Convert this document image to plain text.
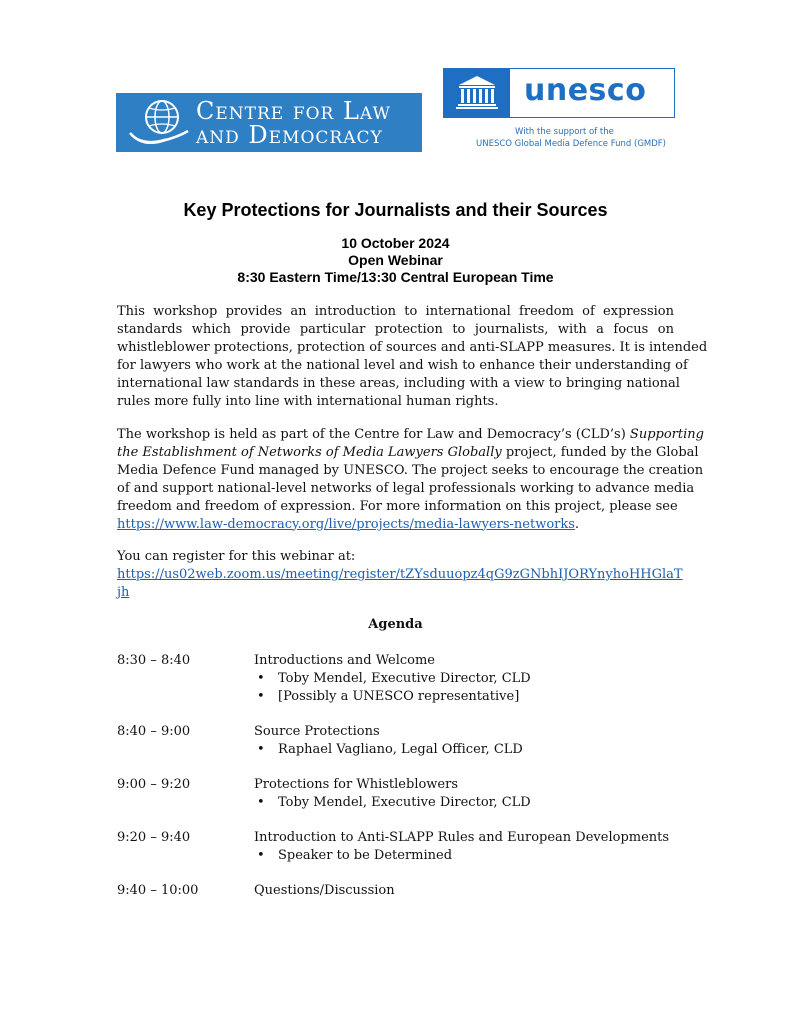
Centre for Law
and Democracy
unesco
With the support of the
UNESCO Global Media Defence Fund (GMDF)
Key Protections for Journalists and their Sources
10 October 2024
Open Webinar
8:30 Eastern Time/13:30 Central European Time
This workshop provides an introduction to international freedom of expression
standards which provide particular protection to journalists, with a focus on
whistleblower protections, protection of sources and anti-SLAPP measures. It is intended
for lawyers who work at the national level and wish to enhance their understanding of
international law standards in these areas, including with a view to bringing national
rules more fully into line with international human rights.
The workshop is held as part of the Centre for Law and Democracy’s (CLD’s) Supporting
the Establishment of Networks of Media Lawyers Globally project, funded by the Global
Media Defence Fund managed by UNESCO. The project seeks to encourage the creation
of and support national-level networks of legal professionals working to advance media
freedom and freedom of expression. For more information on this project, please see
https://www.law-democracy.org/live/projects/media-lawyers-networks.
You can register for this webinar at:
https://us02web.zoom.us/meeting/register/tZYsduuopz4qG9zGNbhIJORYnyhoHHGlaT
jh
Agenda
8:30 – 8:40	Introductions and Welcome
• Toby Mendel, Executive Director, CLD
• [Possibly a UNESCO representative]
8:40 – 9:00	Source Protections
• Raphael Vagliano, Legal Officer, CLD
9:00 – 9:20	Protections for Whistleblowers
• Toby Mendel, Executive Director, CLD
9:20 – 9:40	Introduction to Anti-SLAPP Rules and European Developments
• Speaker to be Determined
9:40 – 10:00	Questions/Discussion
